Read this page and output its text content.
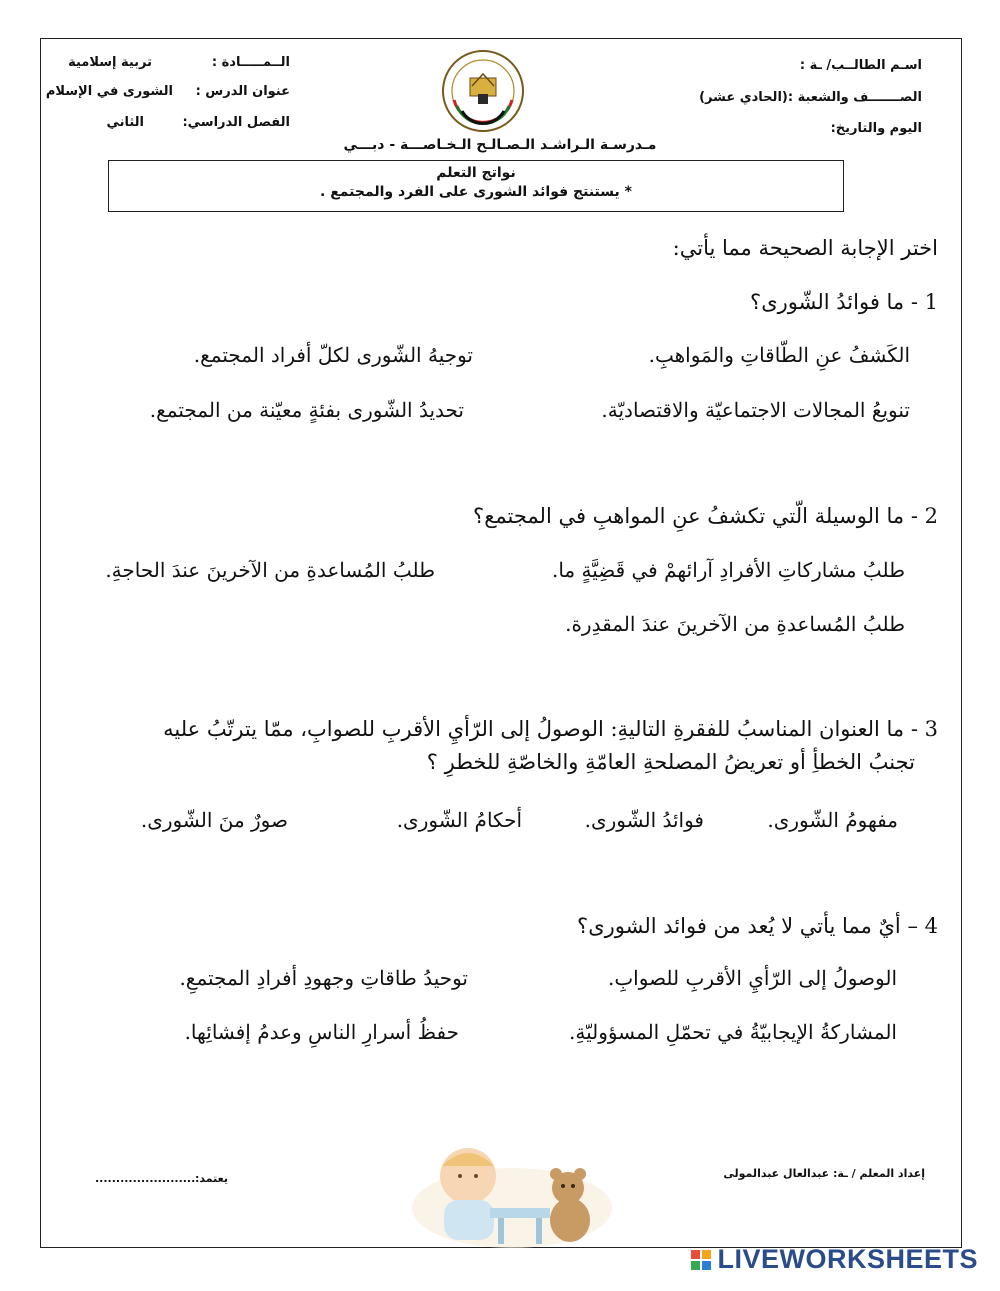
اسـم الطالــب/ ـة :
الصـــــــف والشعبة :(الحادي عشر)
اليوم والتاريخ:
الــمـــــادة :
تربية إسلامية
عنوان الدرس :
الشورى في الإسلام
الفصل الدراسي:
الثاني
مـدرسـة الـراشـد الـصـالـح الـخـاصـــة - دبـــي
نواتج التعلم
* يستنتج فوائد الشورى على الفرد والمجتمع .
اختر الإجابة الصحيحة مما يأتي:
1 - ما فوائدُ الشّورى؟
الكَشفُ عنِ الطّاقاتِ والمَواهبِ.
توجيهُ الشّورى لكلّ أفراد المجتمع.
تنويعُ المجالات الاجتماعيّة والاقتصاديّة.
تحديدُ الشّورى بفئةٍ معيّنة من المجتمع.
2 - ما الوسيلة الّتي تكشفُ عنِ المواهبِ في المجتمع؟
طلبُ مشاركاتِ الأفرادِ آرائهمْ في قَضِيَّةٍ ما.
طلبُ المُساعدةِ من الآخرينَ عندَ الحاجةِ.
طلبُ المُساعدةِ من الآخرينَ عندَ المقدِرة.
3 - ما العنوان المناسبُ للفقرةِ التاليةِ: الوصولُ إلى الرّأيِ الأقربِ للصوابِ، ممّا يترتّبُ عليه
تجنبُ الخطأِ أو تعريضُ المصلحةِ العامّةِ والخاصّةِ للخطرِ ؟
مفهومُ الشّورى.
فوائدُ الشّورى.
أحكامُ الشّورى.
صورٌ منَ الشّورى.
4 – أيٌ مما يأتي لا يُعد من فوائد الشورى؟
الوصولُ إلى الرّأيِ الأقربِ للصوابِ.
توحيدُ طاقاتِ وجهودِ أفرادِ المجتمعِ.
المشاركةُ الإيجابيّةُ في تحمّلِ المسؤوليّةِ.
حفظُ أسرارِ الناسِ وعدمُ إفشائِها.
إعداد المعلم / ـة: عبدالعال عبدالمولى
يعتمد:
........................
LIVEWORKSHEETS
